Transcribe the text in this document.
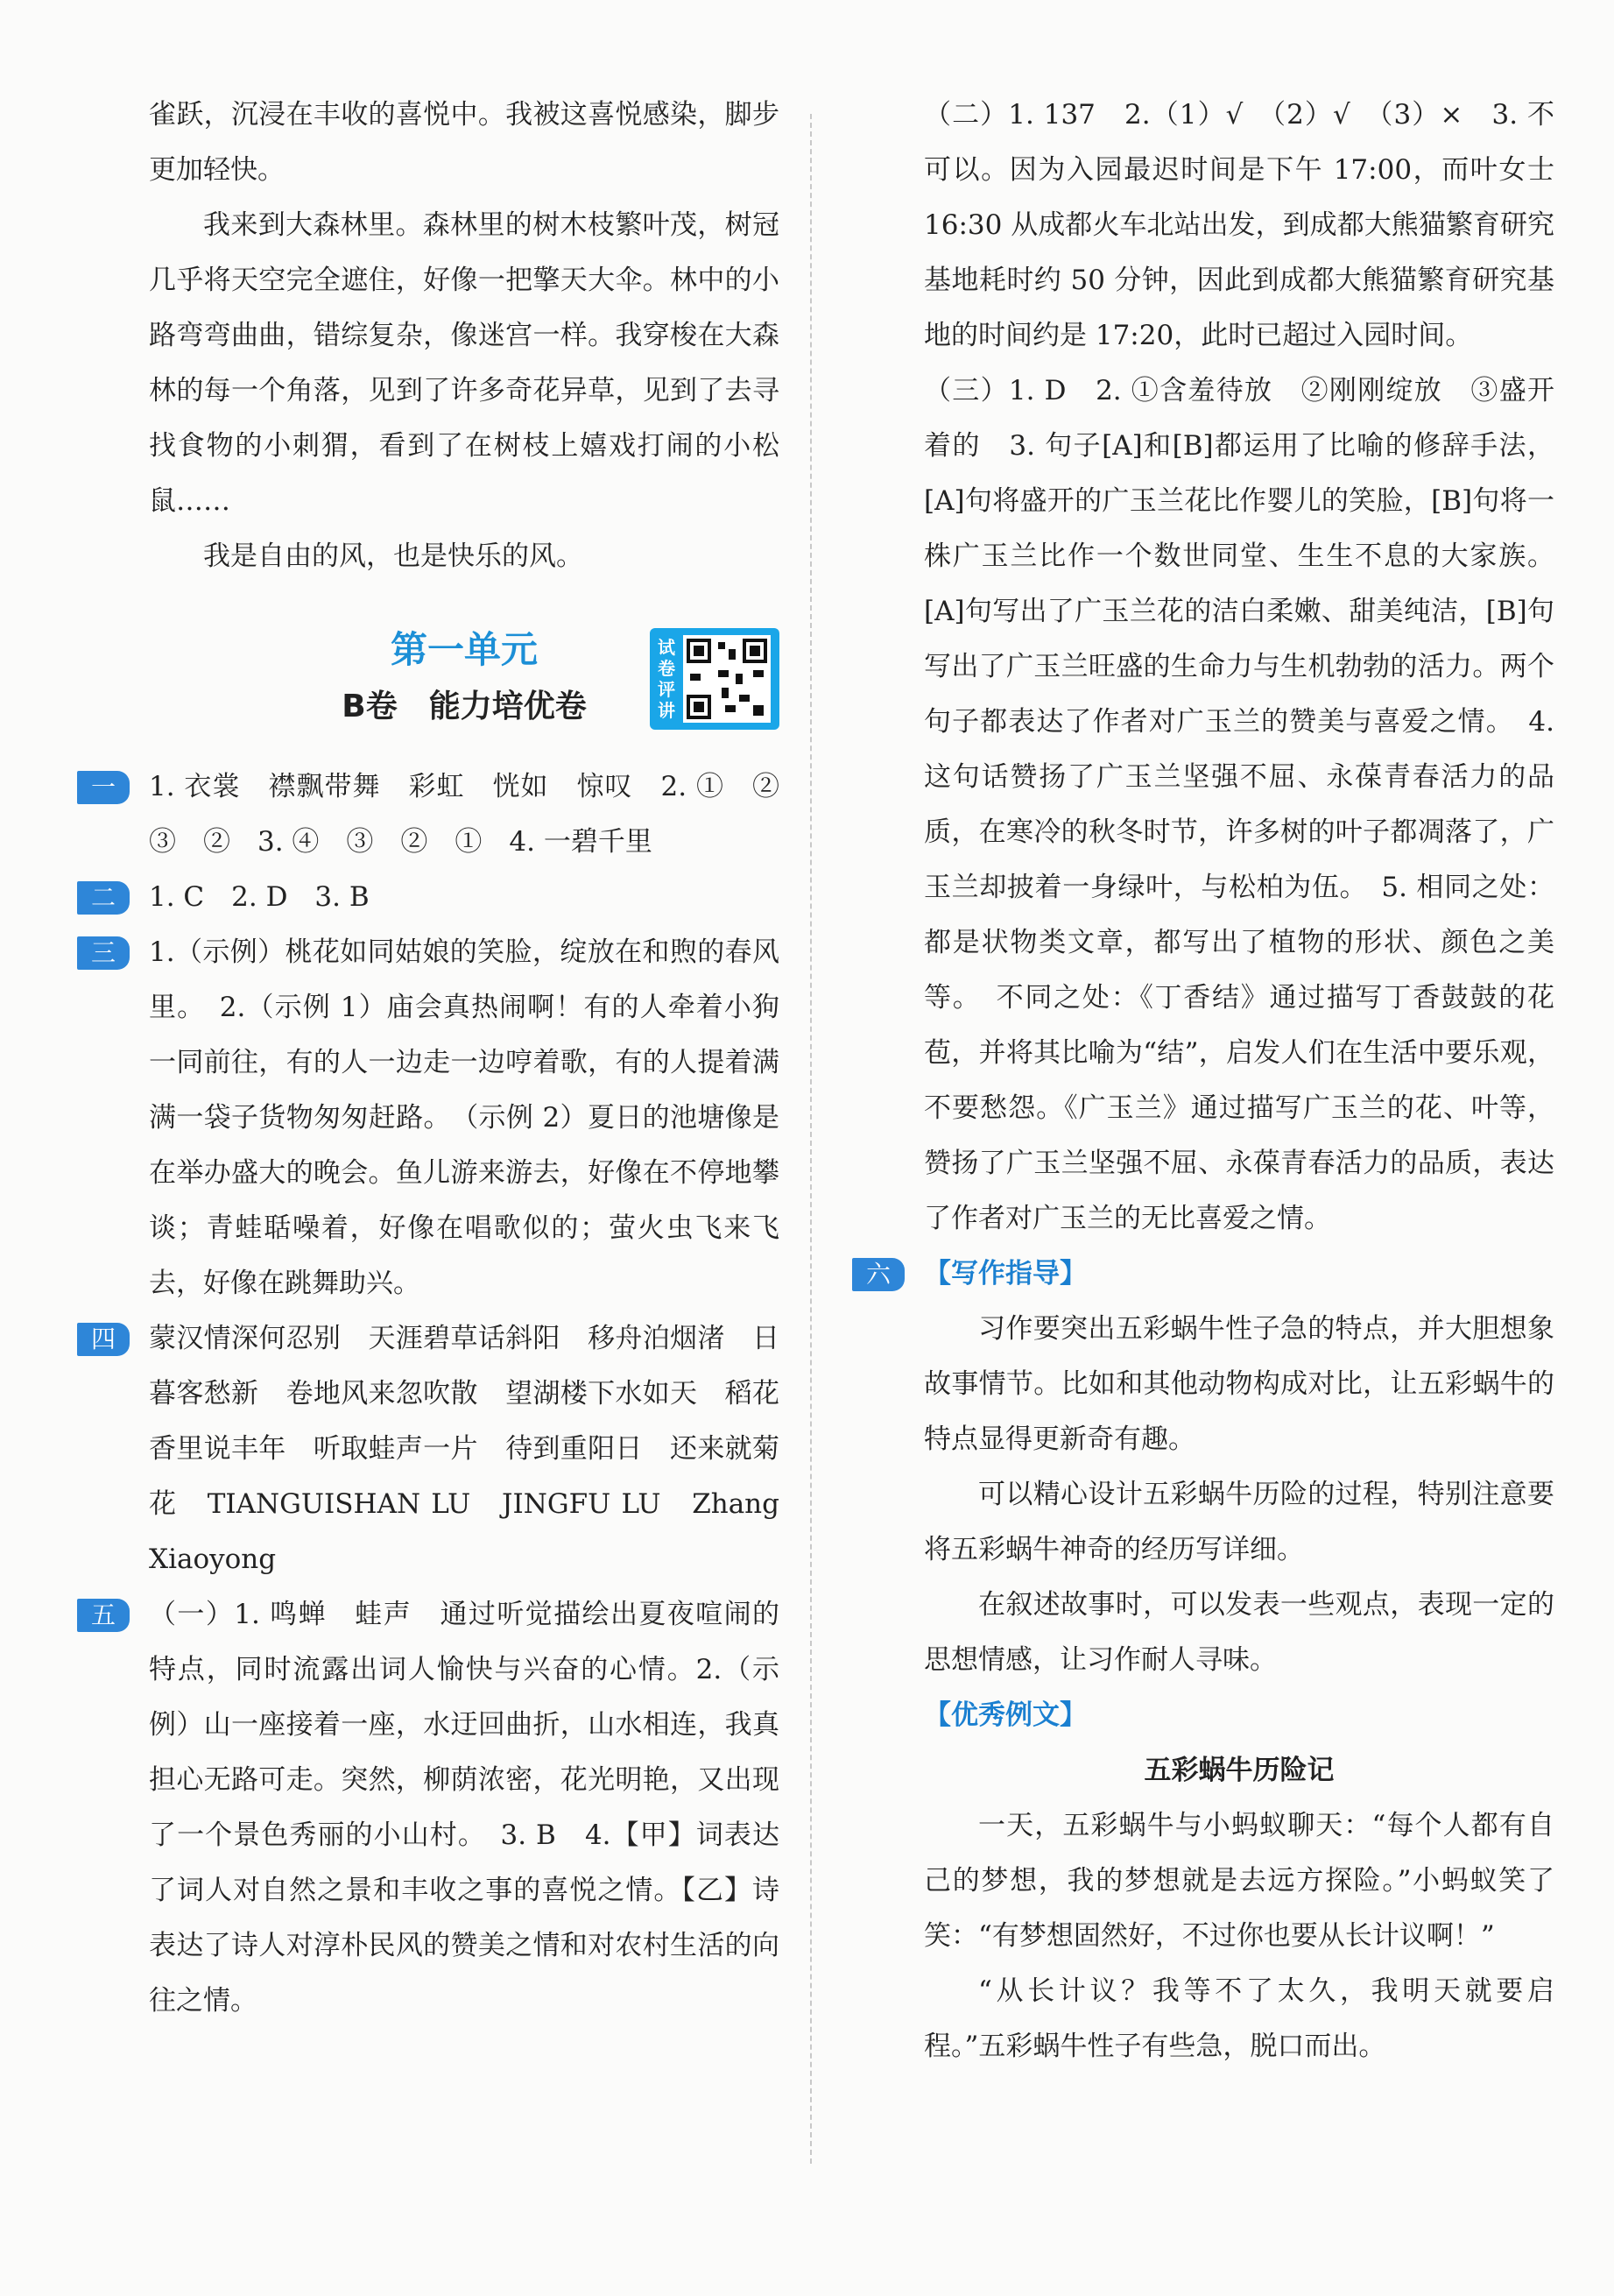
雀跃，沉浸在丰收的喜悦中。我被这喜悦感染，脚步更加轻快。

我来到大森林里。森林里的树木枝繁叶茂，树冠几乎将天空完全遮住，好像一把擎天大伞。林中的小路弯弯曲曲，错综复杂，像迷宫一样。我穿梭在大森林的每一个角落，见到了许多奇花异草，见到了去寻找食物的小刺猬，看到了在树枝上嬉戏打闹的小松鼠……

我是自由的风，也是快乐的风。

第一单元
B卷　能力培优卷
试卷评讲
一	1. 衣裳　襟飘带舞　彩虹　恍如　惊叹　2. ①　②　③　②　3. ④　③　②　①　4. 一碧千里

二	1. C　2. D　3. B

三	1.（示例）桃花如同姑娘的笑脸，绽放在和煦的春风里。　2.（示例 1）庙会真热闹啊！有的人牵着小狗一同前往，有的人一边走一边哼着歌，有的人提着满满一袋子货物匆匆赶路。　（示例 2）夏日的池塘像是在举办盛大的晚会。鱼儿游来游去，好像在不停地攀谈；青蛙聒噪着，好像在唱歌似的；萤火虫飞来飞去，好像在跳舞助兴。

四	蒙汉情深何忍别　天涯碧草话斜阳　移舟泊烟渚　日暮客愁新　卷地风来忽吹散　望湖楼下水如天　稻花香里说丰年　听取蛙声一片　待到重阳日　还来就菊花　TIANGUISHAN LU　JINGFU LU　Zhang Xiaoyong

五	（一）1. 鸣蝉　蛙声　通过听觉描绘出夏夜喧闹的特点，同时流露出词人愉快与兴奋的心情。2.（示例）山一座接着一座，水迂回曲折，山水相连，我真担心无路可走。突然，柳荫浓密，花光明艳，又出现了一个景色秀丽的小山村。　3. B　4.【甲】词表达了词人对自然之景和丰收之事的喜悦之情。【乙】诗表达了诗人对淳朴民风的赞美之情和对农村生活的向往之情。

（二）1. 137　2.（1）√　（2）√　（3）×　3. 不可以。因为入园最迟时间是下午 17:00，而叶女士16:30 从成都火车北站出发，到成都大熊猫繁育研究基地耗时约 50 分钟，因此到成都大熊猫繁育研究基地的时间约是 17:20，此时已超过入园时间。

（三）1. D　2. ①含羞待放　②刚刚绽放　③盛开着的　3. 句子[A]和[B]都运用了比喻的修辞手法，[A]句将盛开的广玉兰花比作婴儿的笑脸，[B]句将一株广玉兰比作一个数世同堂、生生不息的大家族。[A]句写出了广玉兰花的洁白柔嫩、甜美纯洁，[B]句写出了广玉兰旺盛的生命力与生机勃勃的活力。两个句子都表达了作者对广玉兰的赞美与喜爱之情。　4. 这句话赞扬了广玉兰坚强不屈、永葆青春活力的品质，在寒冷的秋冬时节，许多树的叶子都凋落了，广玉兰却披着一身绿叶，与松柏为伍。　5. 相同之处：都是状物类文章，都写出了植物的形状、颜色之美等。　不同之处：《丁香结》通过描写丁香鼓鼓的花苞，并将其比喻为“结”，启发人们在生活中要乐观，不要愁怨。《广玉兰》通过描写广玉兰的花、叶等，赞扬了广玉兰坚强不屈、永葆青春活力的品质，表达了作者对广玉兰的无比喜爱之情。

六	【写作指导】

习作要突出五彩蜗牛性子急的特点，并大胆想象故事情节。比如和其他动物构成对比，让五彩蜗牛的特点显得更新奇有趣。

可以精心设计五彩蜗牛历险的过程，特别注意要将五彩蜗牛神奇的经历写详细。

在叙述故事时，可以发表一些观点，表现一定的思想情感，让习作耐人寻味。

【优秀例文】

五彩蜗牛历险记

一天，五彩蜗牛与小蚂蚁聊天：“每个人都有自己的梦想，我的梦想就是去远方探险。”小蚂蚁笑了笑：“有梦想固然好，不过你也要从长计议啊！”

“从长计议？我等不了太久，我明天就要启程。”五彩蜗牛性子有些急，脱口而出。
